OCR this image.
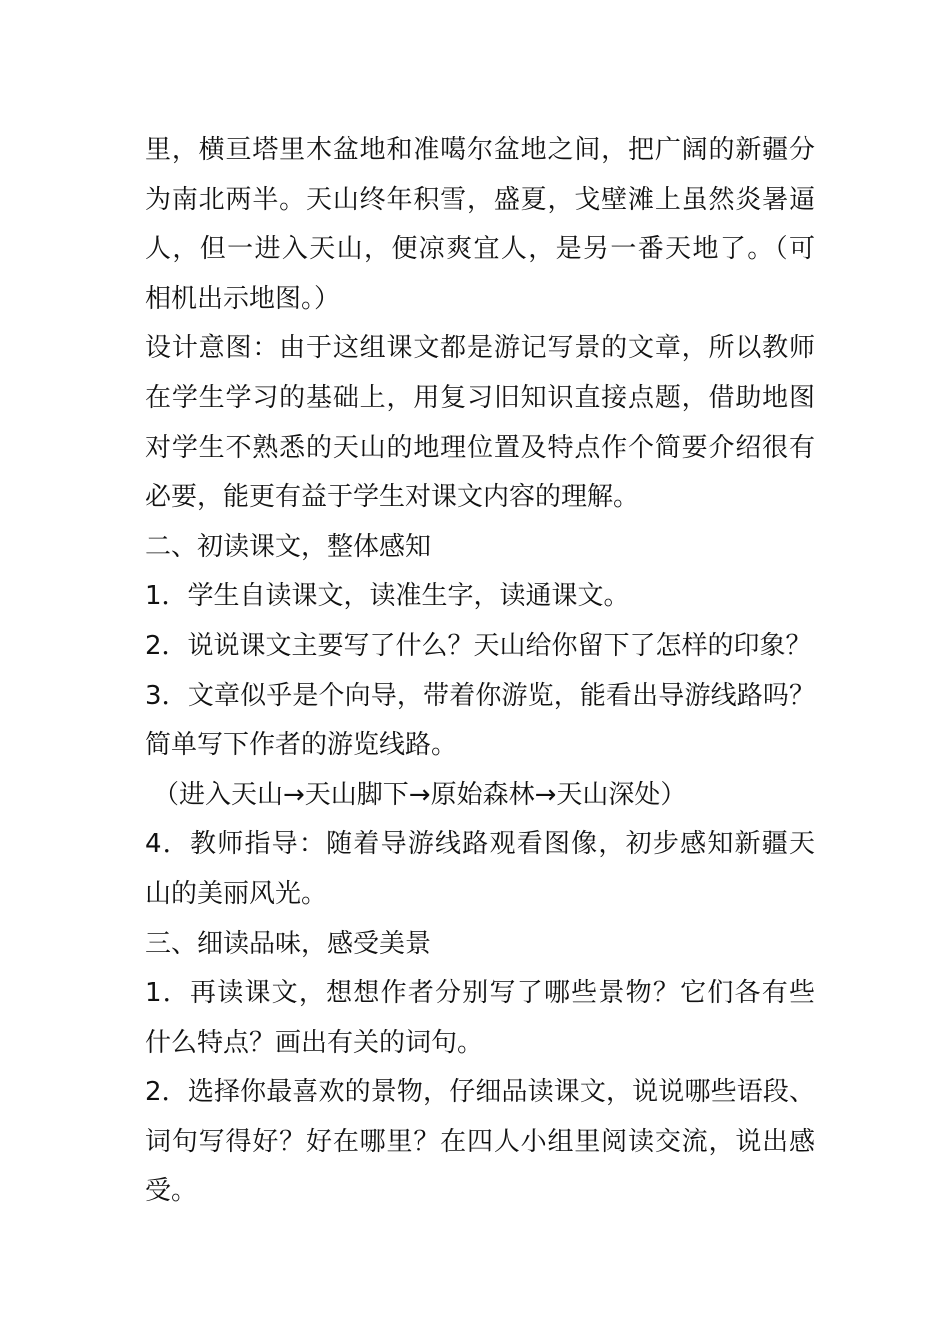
里，横亘塔里木盆地和准噶尔盆地之间，把广阔的新疆分
为南北两半。天山终年积雪，盛夏，戈壁滩上虽然炎暑逼
人，但一进入天山，便凉爽宜人，是另一番天地了。（可
相机出示地图。）
设计意图：由于这组课文都是游记写景的文章，所以教师
在学生学习的基础上，用复习旧知识直接点题，借助地图
对学生不熟悉的天山的地理位置及特点作个简要介绍很有
必要，能更有益于学生对课文内容的理解。
二、初读课文，整体感知
1．学生自读课文，读准生字，读通课文。
2．说说课文主要写了什么？天山给你留下了怎样的印象？
3．文章似乎是个向导，带着你游览，能看出导游线路吗？
简单写下作者的游览线路。
（进入天山→天山脚下→原始森林→天山深处）
4．教师指导：随着导游线路观看图像，初步感知新疆天
山的美丽风光。
三、细读品味，感受美景
1．再读课文，想想作者分别写了哪些景物？它们各有些
什么特点？画出有关的词句。
2．选择你最喜欢的景物，仔细品读课文，说说哪些语段、
词句写得好？好在哪里？在四人小组里阅读交流，说出感
受。
